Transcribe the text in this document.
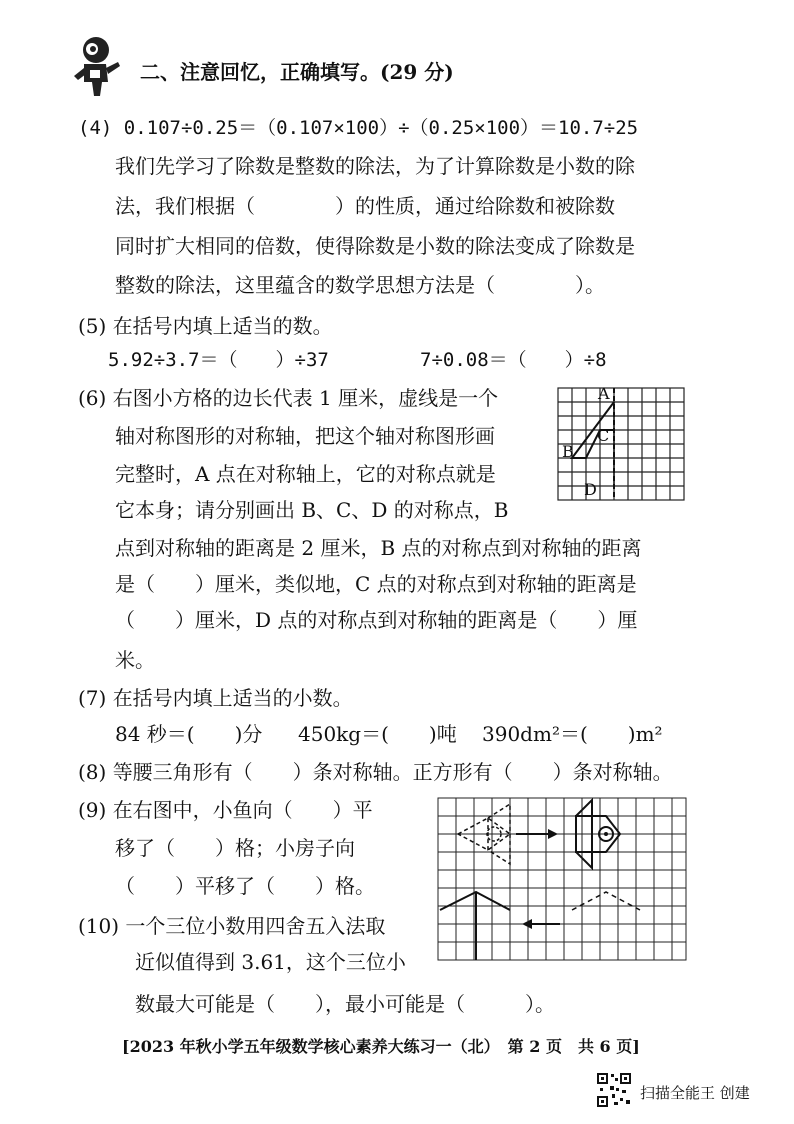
二、注意回忆，正确填写。(29 分)
(4) 0.107÷0.25＝（0.107×100）÷（0.25×100）＝10.7÷25
我们先学习了除数是整数的除法，为了计算除数是小数的除
法，我们根据（　　　　）的性质，通过给除数和被除数
同时扩大相同的倍数，使得除数是小数的除法变成了除数是
整数的除法，这里蕴含的数学思想方法是（　　　　）。
(5) 在括号内填上适当的数。
5.92÷3.7＝（　　）÷37	7÷0.08＝（　　）÷8
(6) 右图小方格的边长代表 1 厘米，虚线是一个
轴对称图形的对称轴，把这个轴对称图形画
完整时，A 点在对称轴上，它的对称点就是
它本身；请分别画出 B、C、D 的对称点，B
点到对称轴的距离是 2 厘米，B 点的对称点到对称轴的距离
是（　　）厘米，类似地，C 点的对称点到对称轴的距离是
（　　）厘米，D 点的对称点到对称轴的距离是（　　）厘
米。
A
B
C
D
(7) 在括号内填上适当的小数。
84 秒＝(　　)分 450kg＝(　　)吨 390dm²＝(　　)m²
(8) 等腰三角形有（　　）条对称轴。正方形有（　　）条对称轴。
(9) 在右图中，小鱼向（　　）平
移了（　　）格；小房子向
（　　）平移了（　　）格。
(10) 一个三位小数用四舍五入法取
近似值得到 3.61，这个三位小
数最大可能是（　　），最小可能是（　　　）。
[2023 年秋小学五年级数学核心素养大练习一（北）　第 2 页　共 6 页]
扫描全能王 创建
